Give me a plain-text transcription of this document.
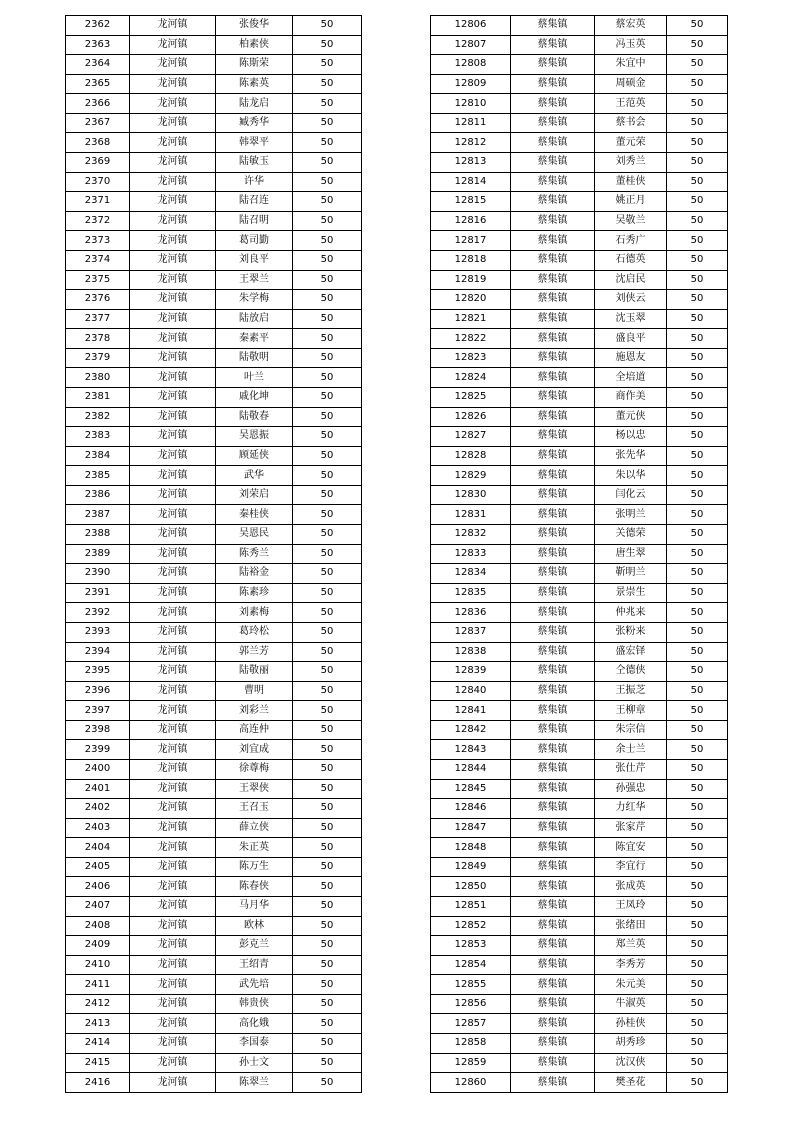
2362	龙河镇	张俊华	50
2363	龙河镇	柏素侠	50
2364	龙河镇	陈斯荣	50
2365	龙河镇	陈素英	50
2366	龙河镇	陆龙启	50
2367	龙河镇	臧秀华	50
2368	龙河镇	韩翠平	50
2369	龙河镇	陆敏玉	50
2370	龙河镇	许华	50
2371	龙河镇	陆召连	50
2372	龙河镇	陆召明	50
2373	龙河镇	葛司勤	50
2374	龙河镇	刘良平	50
2375	龙河镇	王翠兰	50
2376	龙河镇	朱学梅	50
2377	龙河镇	陆放启	50
2378	龙河镇	秦素平	50
2379	龙河镇	陆敬明	50
2380	龙河镇	叶兰	50
2381	龙河镇	戚化坤	50
2382	龙河镇	陆敬春	50
2383	龙河镇	吴恩振	50
2384	龙河镇	顾延侠	50
2385	龙河镇	武华	50
2386	龙河镇	刘荣启	50
2387	龙河镇	秦桂侠	50
2388	龙河镇	吴恩民	50
2389	龙河镇	陈秀兰	50
2390	龙河镇	陆裕金	50
2391	龙河镇	陈素珍	50
2392	龙河镇	刘素梅	50
2393	龙河镇	葛玲松	50
2394	龙河镇	郭兰芳	50
2395	龙河镇	陆敬丽	50
2396	龙河镇	曹明	50
2397	龙河镇	刘彩兰	50
2398	龙河镇	高连仲	50
2399	龙河镇	刘宜成	50
2400	龙河镇	徐尊梅	50
2401	龙河镇	王翠侠	50
2402	龙河镇	王召玉	50
2403	龙河镇	薛立侠	50
2404	龙河镇	朱正英	50
2405	龙河镇	陈万生	50
2406	龙河镇	陈春侠	50
2407	龙河镇	马月华	50
2408	龙河镇	欧林	50
2409	龙河镇	彭克兰	50
2410	龙河镇	王绍青	50
2411	龙河镇	武先培	50
2412	龙河镇	韩贵侠	50
2413	龙河镇	高化娥	50
2414	龙河镇	李国泰	50
2415	龙河镇	孙士文	50
2416	龙河镇	陈翠兰	50
12806	蔡集镇	蔡宏英	50
12807	蔡集镇	冯玉英	50
12808	蔡集镇	朱宜中	50
12809	蔡集镇	周硕金	50
12810	蔡集镇	王范英	50
12811	蔡集镇	蔡书会	50
12812	蔡集镇	董元荣	50
12813	蔡集镇	刘秀兰	50
12814	蔡集镇	董桂侠	50
12815	蔡集镇	姚正月	50
12816	蔡集镇	吴敬兰	50
12817	蔡集镇	石秀广	50
12818	蔡集镇	石德英	50
12819	蔡集镇	沈启民	50
12820	蔡集镇	刘侠云	50
12821	蔡集镇	沈玉翠	50
12822	蔡集镇	盛良平	50
12823	蔡集镇	施恩友	50
12824	蔡集镇	全培道	50
12825	蔡集镇	商作美	50
12826	蔡集镇	董元侠	50
12827	蔡集镇	杨以忠	50
12828	蔡集镇	张先华	50
12829	蔡集镇	朱以华	50
12830	蔡集镇	闫化云	50
12831	蔡集镇	张明兰	50
12832	蔡集镇	关德荣	50
12833	蔡集镇	唐生翠	50
12834	蔡集镇	靳明兰	50
12835	蔡集镇	景崇生	50
12836	蔡集镇	仲兆来	50
12837	蔡集镇	张粉来	50
12838	蔡集镇	盛宏铎	50
12839	蔡集镇	仝德侠	50
12840	蔡集镇	王振芝	50
12841	蔡集镇	王柳章	50
12842	蔡集镇	朱宗信	50
12843	蔡集镇	余士兰	50
12844	蔡集镇	张仕芹	50
12845	蔡集镇	孙强忠	50
12846	蔡集镇	力红华	50
12847	蔡集镇	张家芹	50
12848	蔡集镇	陈宜安	50
12849	蔡集镇	李宜行	50
12850	蔡集镇	张成英	50
12851	蔡集镇	王凤玲	50
12852	蔡集镇	张绪田	50
12853	蔡集镇	郑兰英	50
12854	蔡集镇	李秀芳	50
12855	蔡集镇	朱元美	50
12856	蔡集镇	牛淑英	50
12857	蔡集镇	孙桂侠	50
12858	蔡集镇	胡秀珍	50
12859	蔡集镇	沈汉侠	50
12860	蔡集镇	樊圣花	50
